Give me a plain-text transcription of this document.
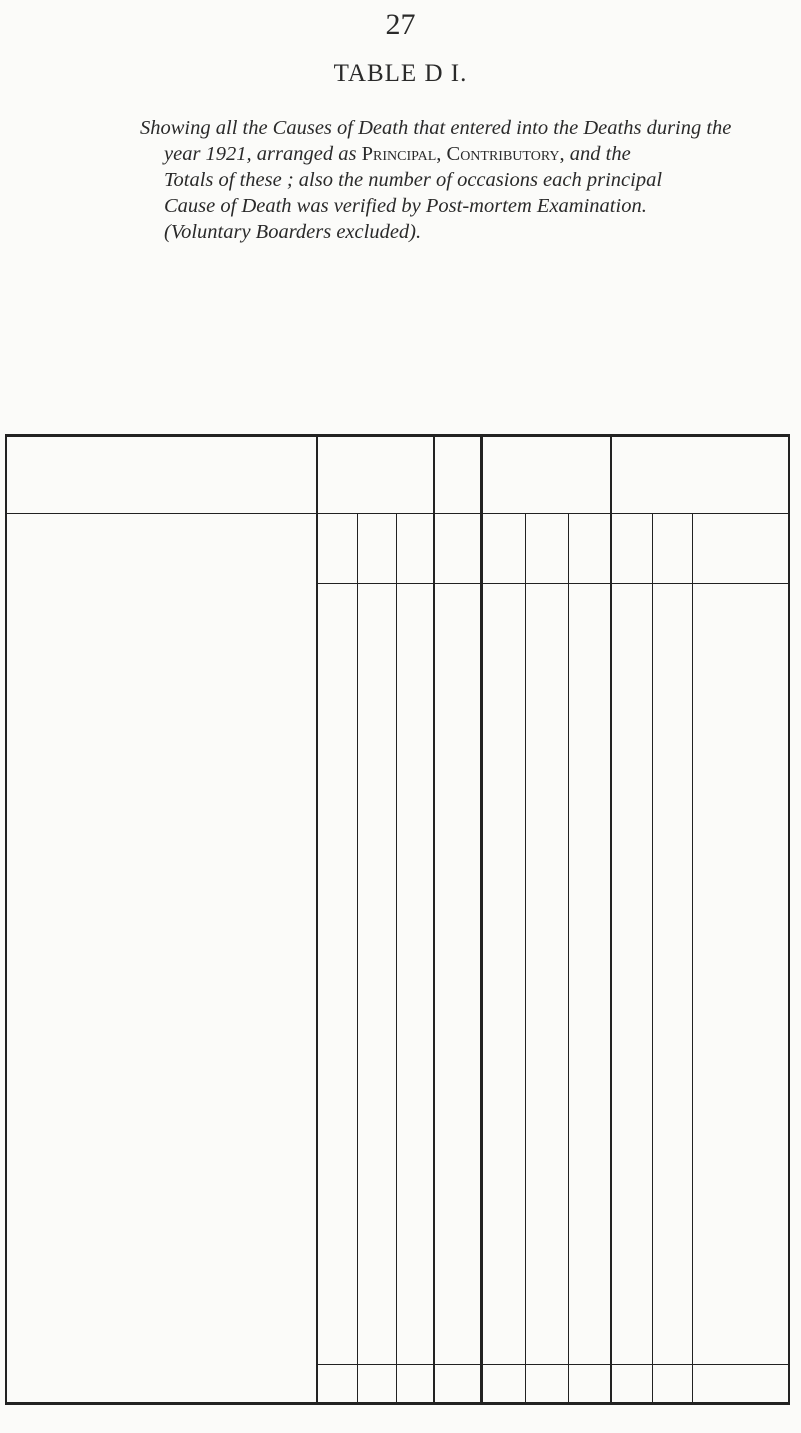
27
TABLE D I.
Showing all the Causes of Death that entered into the Deaths during the
year 1921, arranged as Principal, Contributory, and the
Totals of these ; also the number of occasions each principal
Cause of Death was verified by Post-mortem Examination.
(Voluntary Boarders excluded).
